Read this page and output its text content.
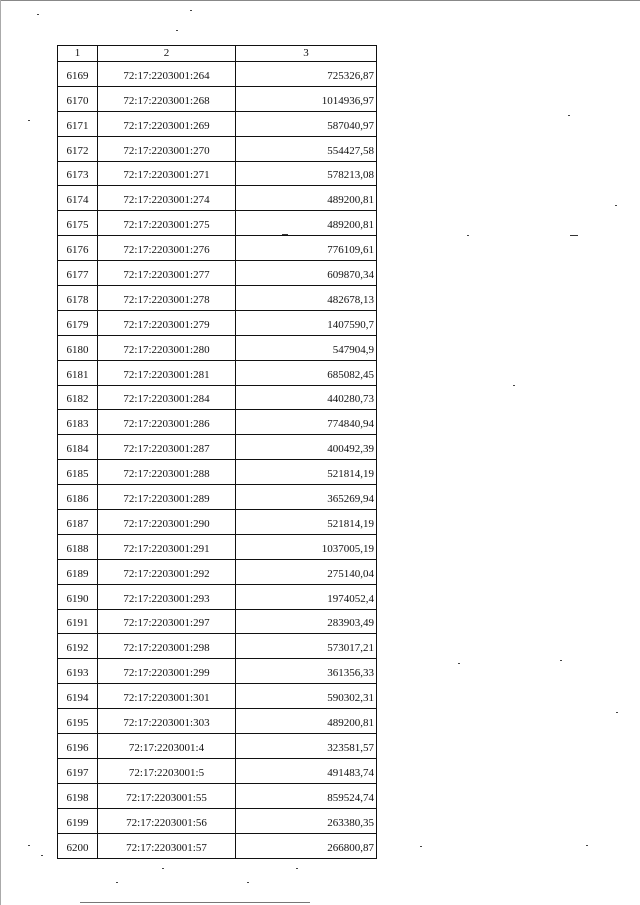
1	2	3
6169	72:17:2203001:264	725326,87
6170	72:17:2203001:268	1014936,97
6171	72:17:2203001:269	587040,97
6172	72:17:2203001:270	554427,58
6173	72:17:2203001:271	578213,08
6174	72:17:2203001:274	489200,81
6175	72:17:2203001:275	489200,81
6176	72:17:2203001:276	776109,61
6177	72:17:2203001:277	609870,34
6178	72:17:2203001:278	482678,13
6179	72:17:2203001:279	1407590,7
6180	72:17:2203001:280	547904,9
6181	72:17:2203001:281	685082,45
6182	72:17:2203001:284	440280,73
6183	72:17:2203001:286	774840,94
6184	72:17:2203001:287	400492,39
6185	72:17:2203001:288	521814,19
6186	72:17:2203001:289	365269,94
6187	72:17:2203001:290	521814,19
6188	72:17:2203001:291	1037005,19
6189	72:17:2203001:292	275140,04
6190	72:17:2203001:293	1974052,4
6191	72:17:2203001:297	283903,49
6192	72:17:2203001:298	573017,21
6193	72:17:2203001:299	361356,33
6194	72:17:2203001:301	590302,31
6195	72:17:2203001:303	489200,81
6196	72:17:2203001:4	323581,57
6197	72:17:2203001:5	491483,74
6198	72:17:2203001:55	859524,74
6199	72:17:2203001:56	263380,35
6200	72:17:2203001:57	266800,87
